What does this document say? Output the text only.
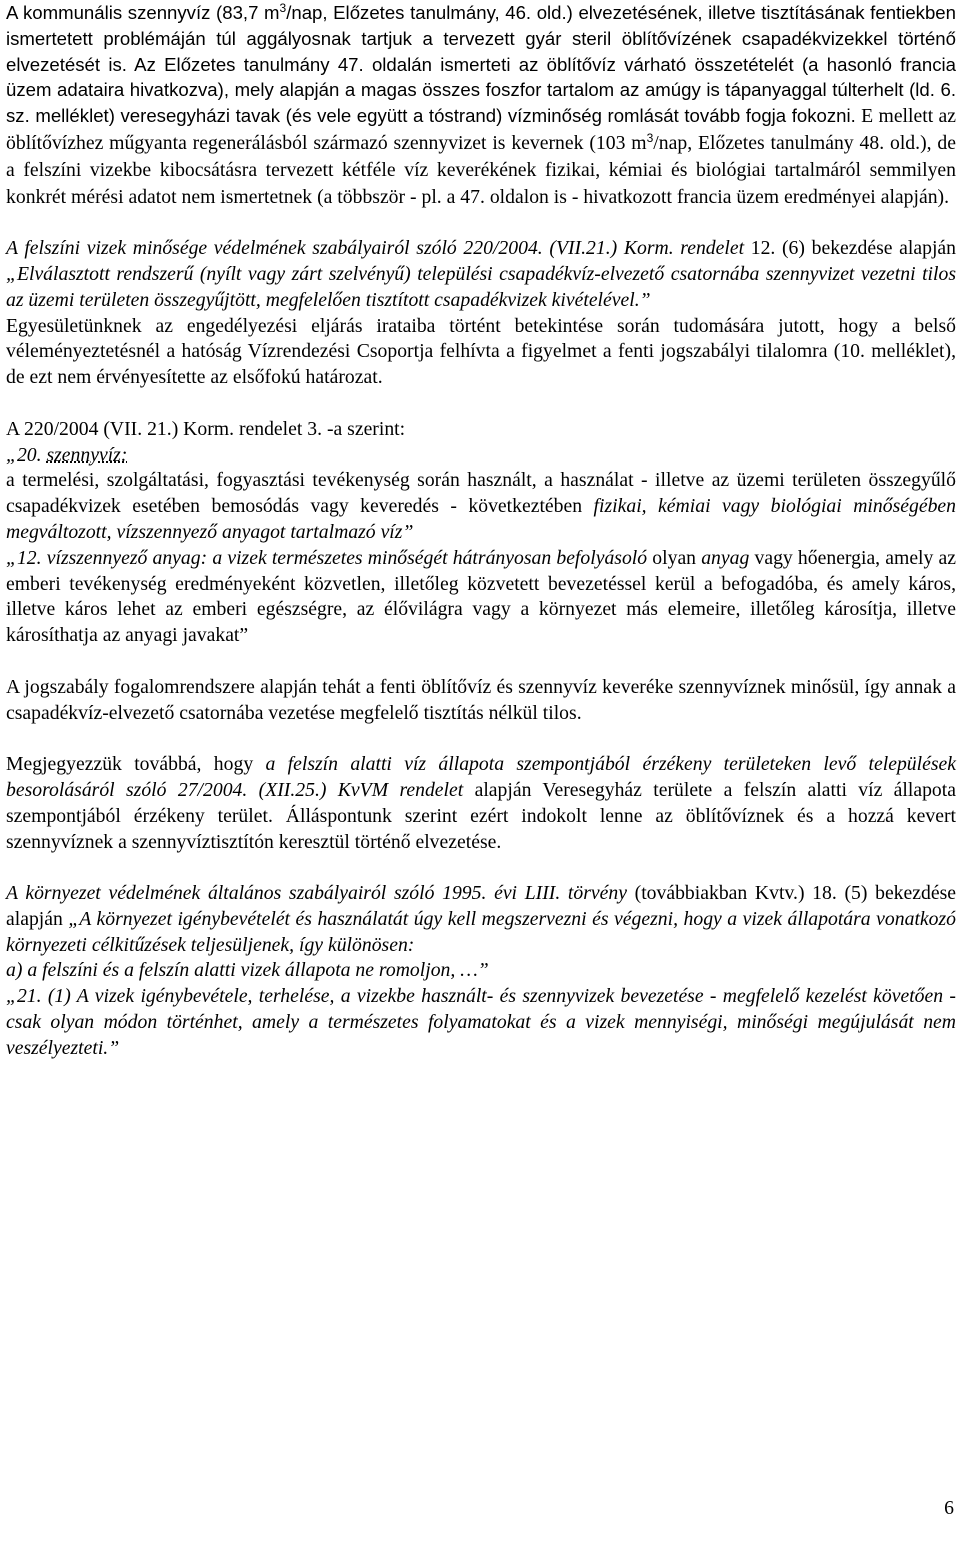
A kommunális szennyvíz (83,7 $m^3$/nap, Előzetes tanulmány, 46. old.) elvezetésének, illetve tisztításának fentiekben ismertetett problémáján túl aggályosnak tartjuk a tervezett gyár steril öblítővízének csapadékvizekkel történő elvezetését is. Az Előzetes tanulmány 47. oldalán ismerteti az öblítővíz várható összetételét (a hasonló francia üzem adataira hivatkozva), mely alapján a magas összes foszfor tartalom az amúgy is tápanyaggal túlterhelt (ld. 6. sz. melléklet) veresegyházi tavak (és vele együtt a tóstrand) vízminőség romlását tovább fogja fokozni. E mellett az öblítővízhez műgyanta regenerálásból származó szennyvizet is kevernek (103 $m^3$/nap, Előzetes tanulmány 48. old.), de a felszíni vizekbe kibocsátásra tervezett kétféle víz keverékének fizikai, kémiai és biológiai tartalmáról semmilyen konkrét mérési adatot nem ismertetnek (a többször - pl. a 47. oldalon is - hivatkozott francia üzem eredményei alapján).

A felszíni vizek minősége védelmének szabályairól szóló 220/2004. (VII.21.) Korm. rendelet 12. (6) bekezdése alapján „Elválasztott rendszerű (nyílt vagy zárt szelvényű) települési csapadékvíz-elvezető csatornába szennyvizet vezetni tilos az üzemi területen összegyűjtött, megfelelően tisztított csapadékvizek kivételével.”

Egyesületünknek az engedélyezési eljárás irataiba történt betekintése során tudomására jutott, hogy a belső véleményeztetésnél a hatóság Vízrendezési Csoportja felhívta a figyelmet a fenti jogszabályi tilalomra (10. melléklet), de ezt nem érvényesítette az elsőfokú határozat.

A 220/2004 (VII. 21.) Korm. rendelet 3. -a szerint:

„20. szennyvíz:

a termelési, szolgáltatási, fogyasztási tevékenység során használt, a használat - illetve az üzemi területen összegyűlő csapadékvizek esetében bemosódás vagy keveredés - következtében fizikai, kémiai vagy biológiai minőségében megváltozott, vízszennyező anyagot tartalmazó víz”

„12. vízszennyező anyag: a vizek természetes minőségét hátrányosan befolyásoló olyan anyag vagy hőenergia, amely az emberi tevékenység eredményeként közvetlen, illetőleg közvetett bevezetéssel kerül a befogadóba, és amely káros, illetve káros lehet az emberi egészségre, az élővilágra vagy a környezet más elemeire, illetőleg károsítja, illetve károsíthatja az anyagi javakat”

A jogszabály fogalomrendszere alapján tehát a fenti öblítővíz és szennyvíz keveréke szennyvíznek minősül, így annak a csapadékvíz-elvezető csatornába vezetése megfelelő tisztítás nélkül tilos.

Megjegyezzük továbbá, hogy a felszín alatti víz állapota szempontjából érzékeny területeken levő települések besorolásáról szóló 27/2004. (XII.25.) KvVM rendelet alapján Veresegyház területe a felszín alatti víz állapota szempontjából érzékeny terület. Álláspontunk szerint ezért indokolt lenne az öblítővíznek és a hozzá kevert szennyvíznek a szennyvíztisztítón keresztül történő elvezetése.

A környezet védelmének általános szabályairól szóló 1995. évi LIII. törvény (továbbiakban Kvtv.) 18. (5) bekezdése alapján „A környezet igénybevételét és használatát úgy kell megszervezni és végezni, hogy a vizek állapotára vonatkozó környezeti célkitűzések teljesüljenek, így különösen:

a) a felszíni és a felszín alatti vizek állapota ne romoljon, …”

„21. (1) A vizek igénybevétele, terhelése, a vizekbe használt- és szennyvizek bevezetése - megfelelő kezelést követően - csak olyan módon történhet, amely a természetes folyamatokat és a vizek mennyiségi, minőségi megújulását nem veszélyezteti.”

6
